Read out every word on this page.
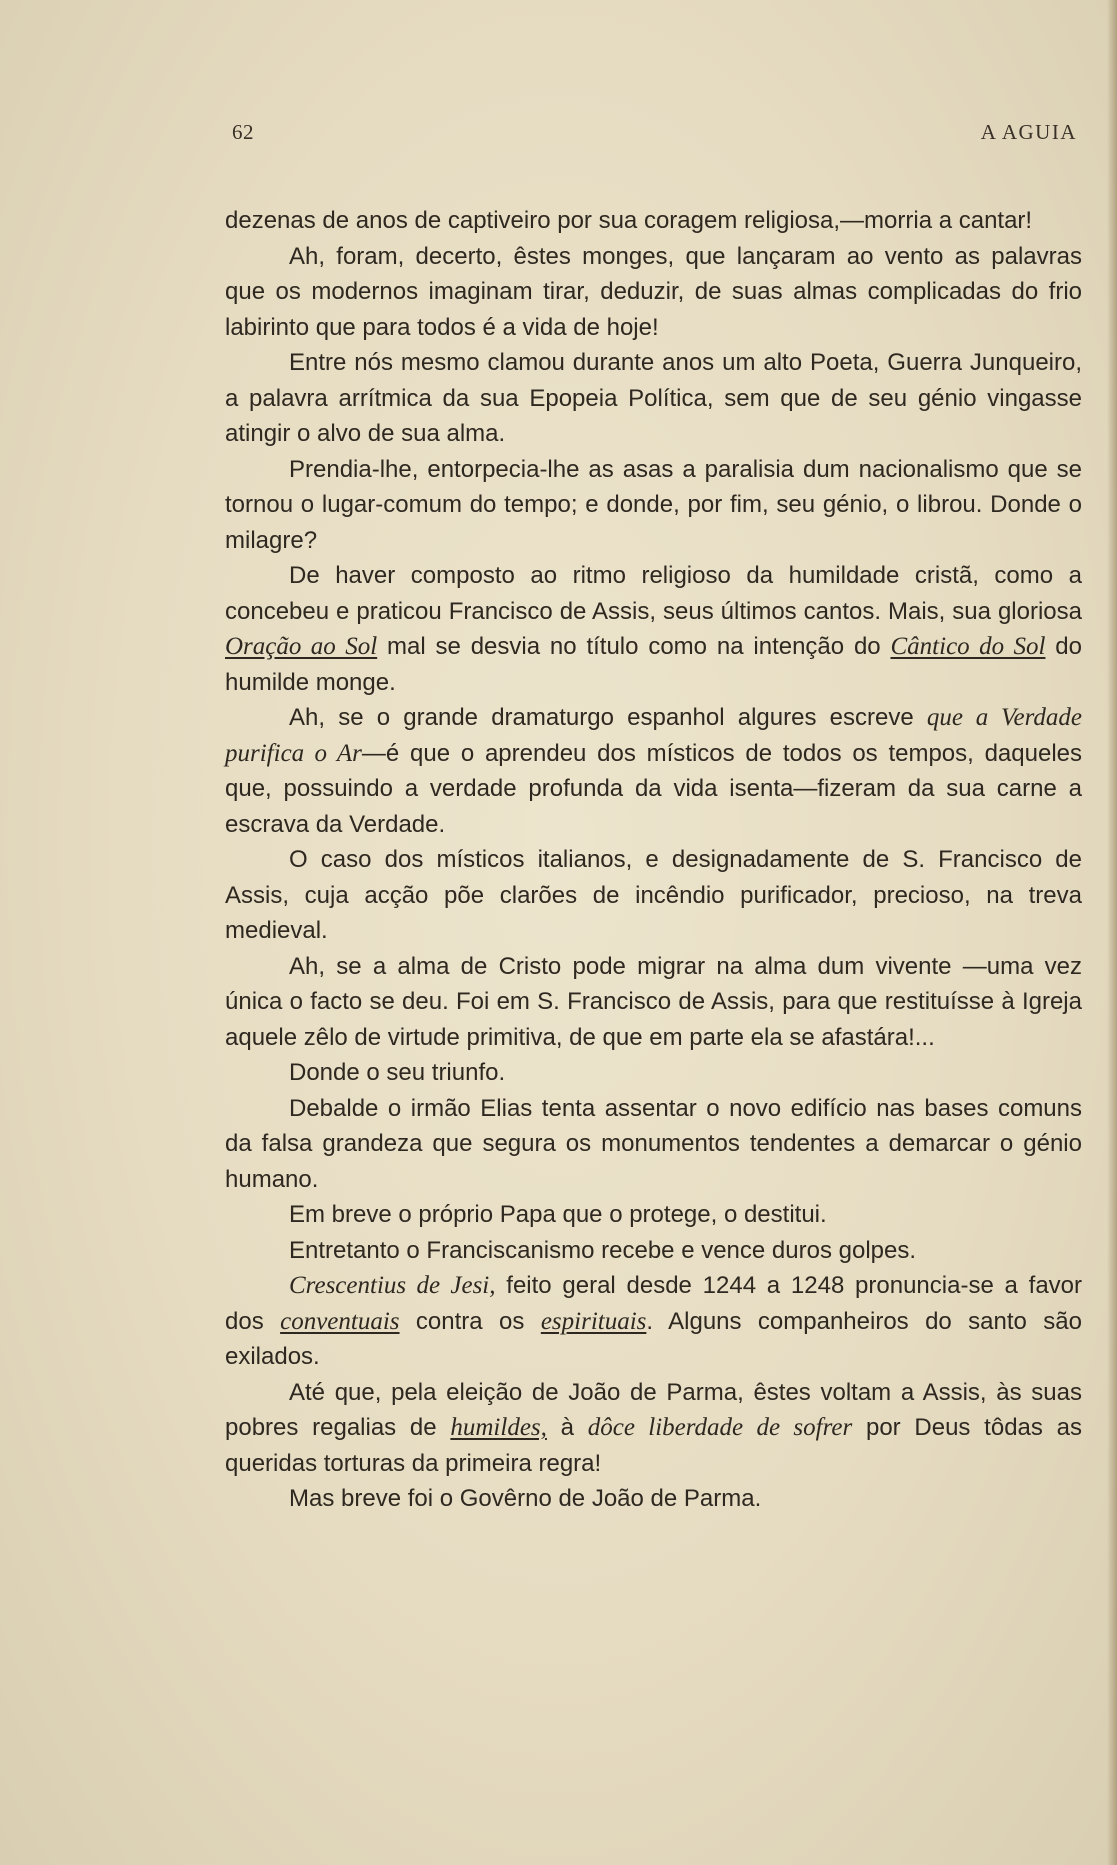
62	A AGUIA

dezenas de anos de captiveiro por sua coragem religiosa,—morria a cantar!

Ah, foram, decerto, êstes monges, que lançaram ao vento as palavras que os modernos imaginam tirar, deduzir, de suas almas complicadas do frio labirinto que para todos é a vida de hoje!

Entre nós mesmo clamou durante anos um alto Poeta, Guerra Junqueiro, a palavra arrítmica da sua Epopeia Política, sem que de seu génio vingasse atingir o alvo de sua alma.

Prendia-lhe, entorpecia-lhe as asas a paralisia dum nacionalismo que se tornou o lugar-comum do tempo; e donde, por fim, seu génio, o librou. Donde o milagre?

De haver composto ao ritmo religioso da humildade cristã, como a concebeu e praticou Francisco de Assis, seus últimos cantos. Mais, sua gloriosa Oração ao Sol mal se desvia no título como na intenção do Cântico do Sol do humilde monge.

Ah, se o grande dramaturgo espanhol algures escreve que a Verdade purifica o Ar—é que o aprendeu dos místicos de todos os tempos, daqueles que, possuindo a verdade profunda da vida isenta—fizeram da sua carne a escrava da Verdade.

O caso dos místicos italianos, e designadamente de S. Francisco de Assis, cuja acção põe clarões de incêndio purificador, precioso, na treva medieval.

Ah, se a alma de Cristo pode migrar na alma dum vivente —uma vez única o facto se deu. Foi em S. Francisco de Assis, para que restituísse à Igreja aquele zêlo de virtude primitiva, de que em parte ela se afastára!...

Donde o seu triunfo.

Debalde o irmão Elias tenta assentar o novo edifício nas bases comuns da falsa grandeza que segura os monumentos tendentes a demarcar o génio humano.

Em breve o próprio Papa que o protege, o destitui.

Entretanto o Franciscanismo recebe e vence duros golpes.

Crescentius de Jesi, feito geral desde 1244 a 1248 pronuncia-se a favor dos conventuais contra os espirituais. Alguns companheiros do santo são exilados.

Até que, pela eleição de João de Parma, êstes voltam a Assis, às suas pobres regalias de humildes, à dôce liberdade de sofrer por Deus tôdas as queridas torturas da primeira regra!

Mas breve foi o Govêrno de João de Parma.
